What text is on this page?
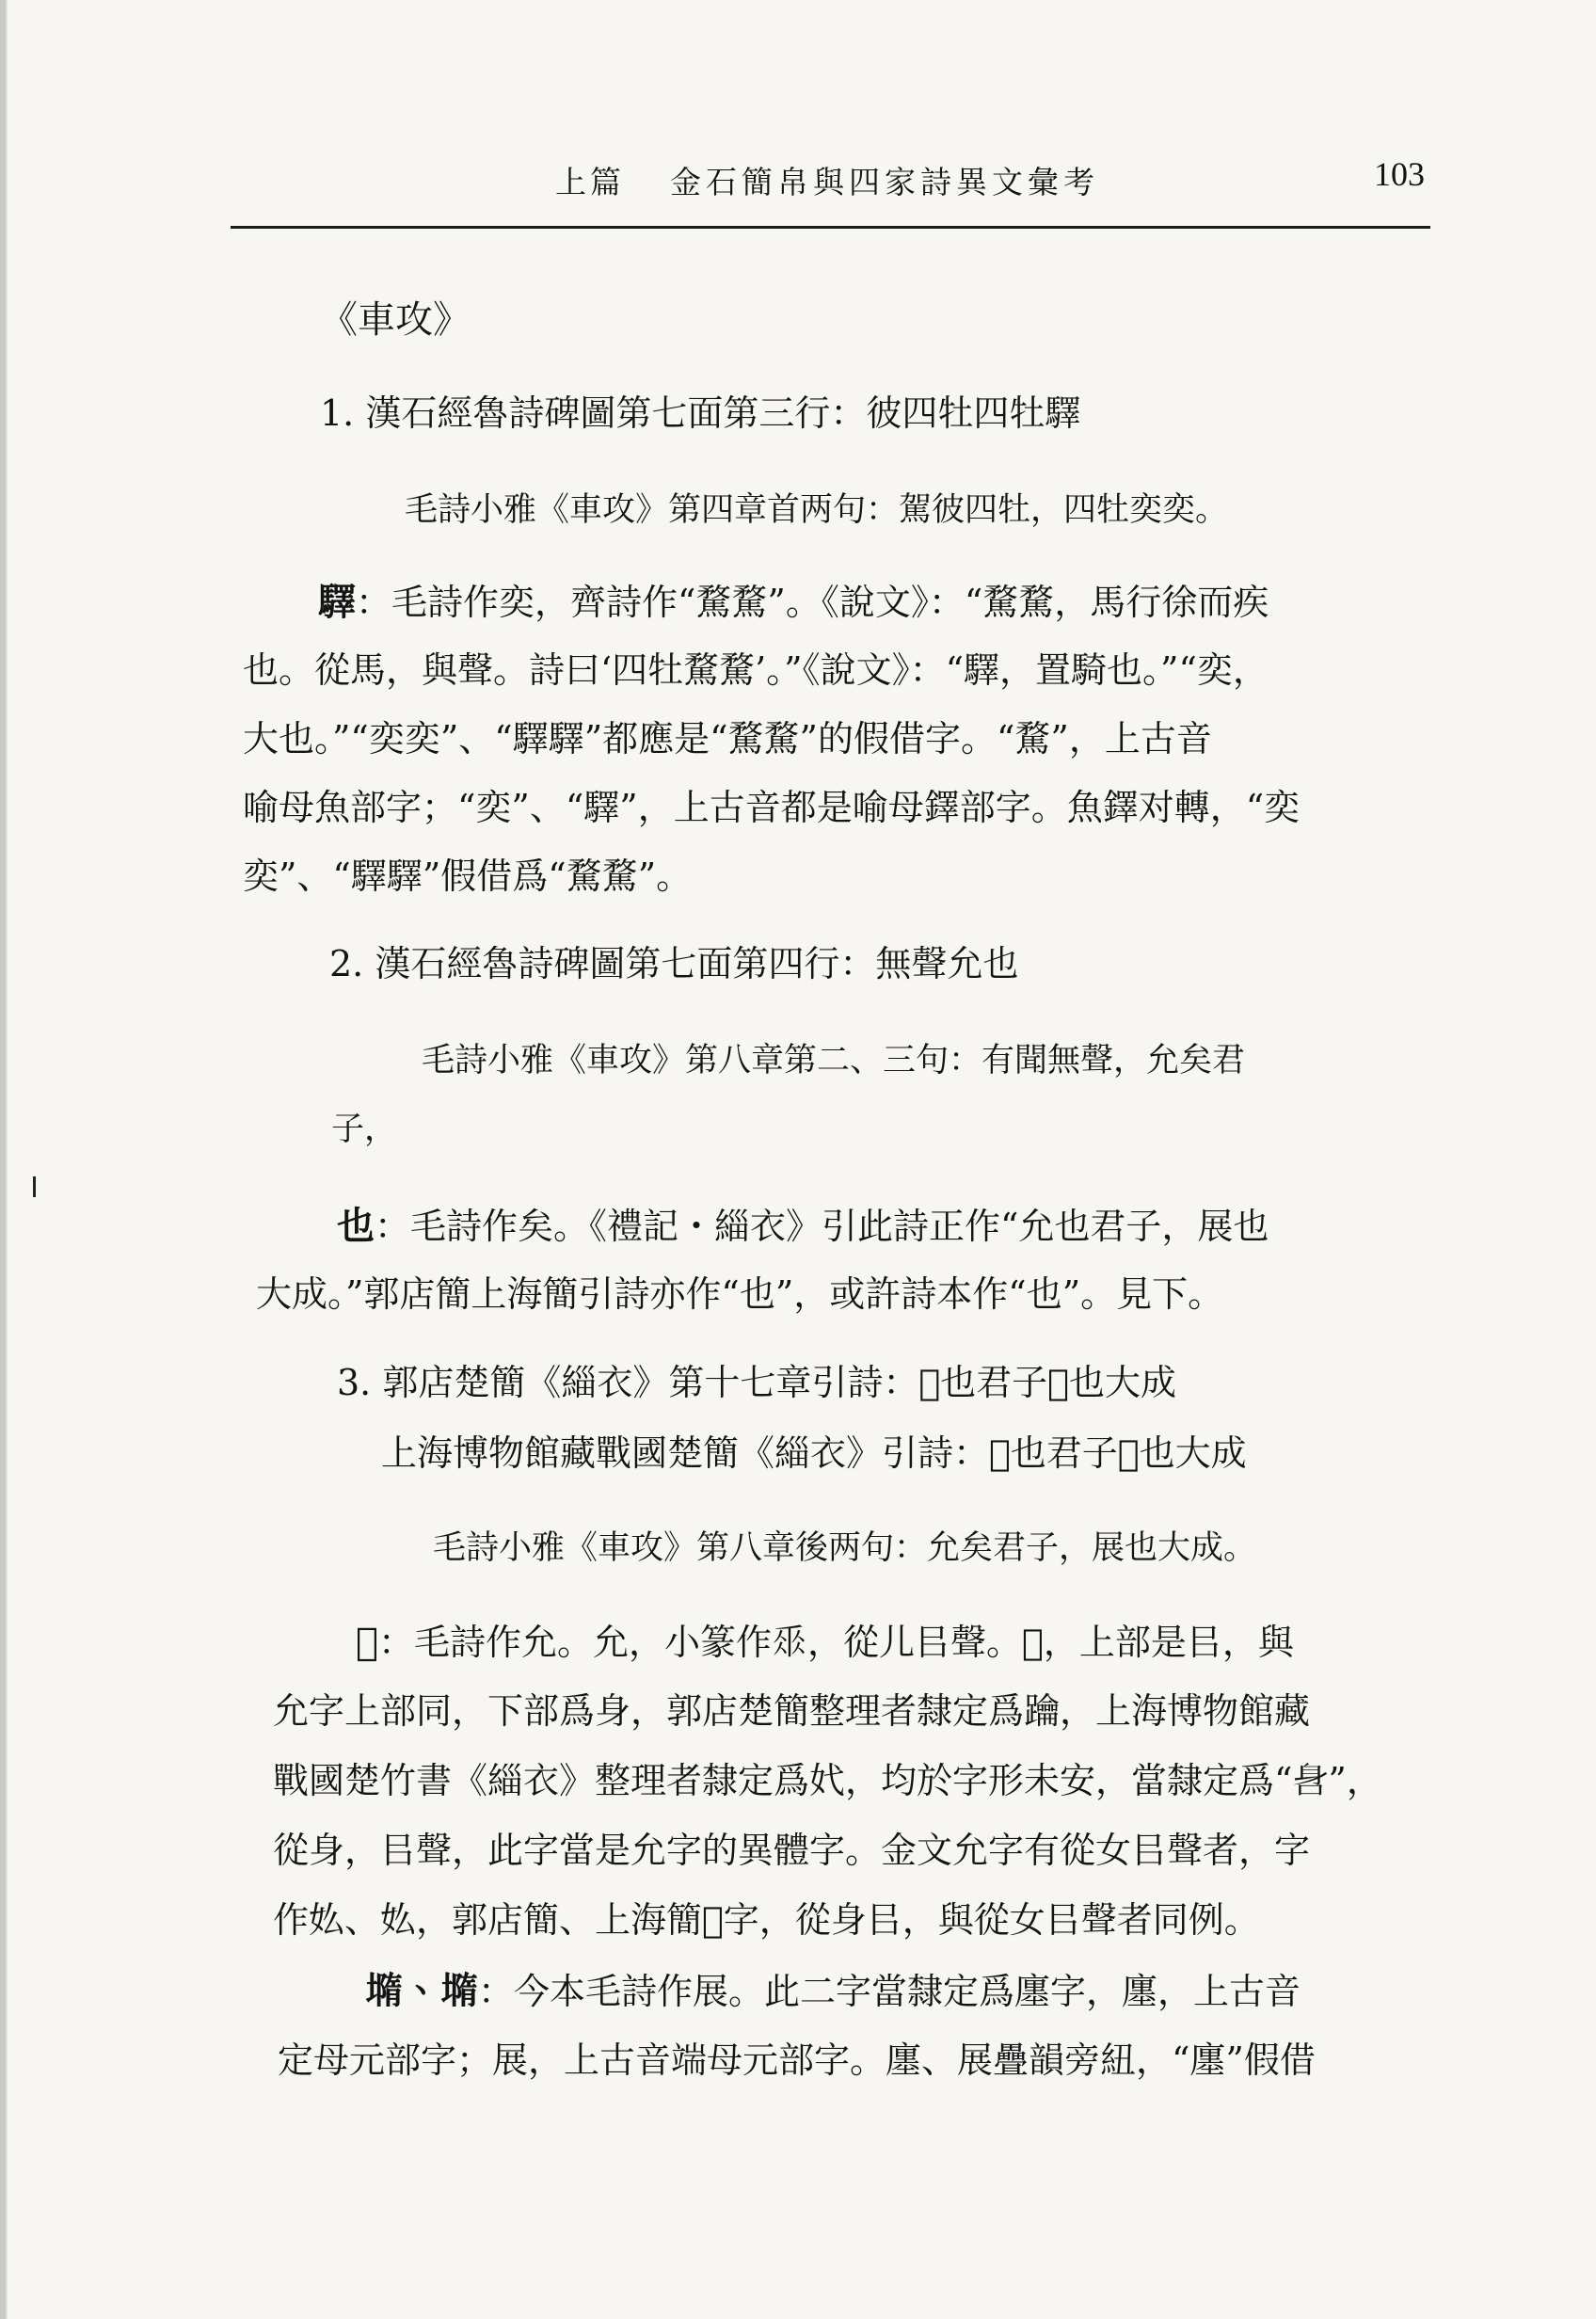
上篇 金石簡帛與四家詩異文彙考	103
《車攻》
1. 漢石經魯詩碑圖第七面第三行：彼四牡四牡驛
毛詩小雅《車攻》第四章首两句：駕彼四牡，四牡奕奕。
驛：毛詩作奕，齊詩作“騖騖”。《說文》：“騖騖，馬行徐而疾
也。從馬，與聲。詩曰‘四牡騖騖’。”《說文》：“驛，置騎也。”“奕，
大也。”“奕奕”、“驛驛”都應是“騖騖”的假借字。“騖”，上古音
喻母魚部字；“奕”、“驛”，上古音都是喻母鐸部字。魚鐸对轉，“奕
奕”、“驛驛”假借爲“騖騖”。
2. 漢石經魯詩碑圖第七面第四行：無聲允也
毛詩小雅《車攻》第八章第二、三句：有聞無聲，允矣君
子，
也：毛詩作矣。《禮記・緇衣》引此詩正作“允也君子，展也
大成。”郭店簡上海簡引詩亦作“也”，或許詩本作“也”。見下。
3. 郭店楚簡《緇衣》第十七章引詩：𠃧也君子𡐦也大成
上海博物館藏戰國楚簡《緇衣》引詩：𠃧也君子𡐦也大成
毛詩小雅《車攻》第八章後两句：允矣君子，展也大成。
𠃧：毛詩作允。允，小篆作𠂹，從儿㠯聲。𠃧，上部是㠯，與
允字上部同，下部爲身，郭店楚簡整理者隸定爲䠯，上海博物館藏
戰國楚竹書《緇衣》整理者隸定爲㚤，均於字形未安，當隸定爲“𨈖”，
從身，㠯聲，此字當是允字的異體字。金文允字有從女㠯聲者，字
作𡚸、𡚸，郭店簡、上海簡𠃧字，從身㠯，與從女㠯聲者同例。
𡐦、𡐦：今本毛詩作展。此二字當隸定爲廛字，廛，上古音
定母元部字；展，上古音端母元部字。廛、展疊韻旁紐，“廛”假借
